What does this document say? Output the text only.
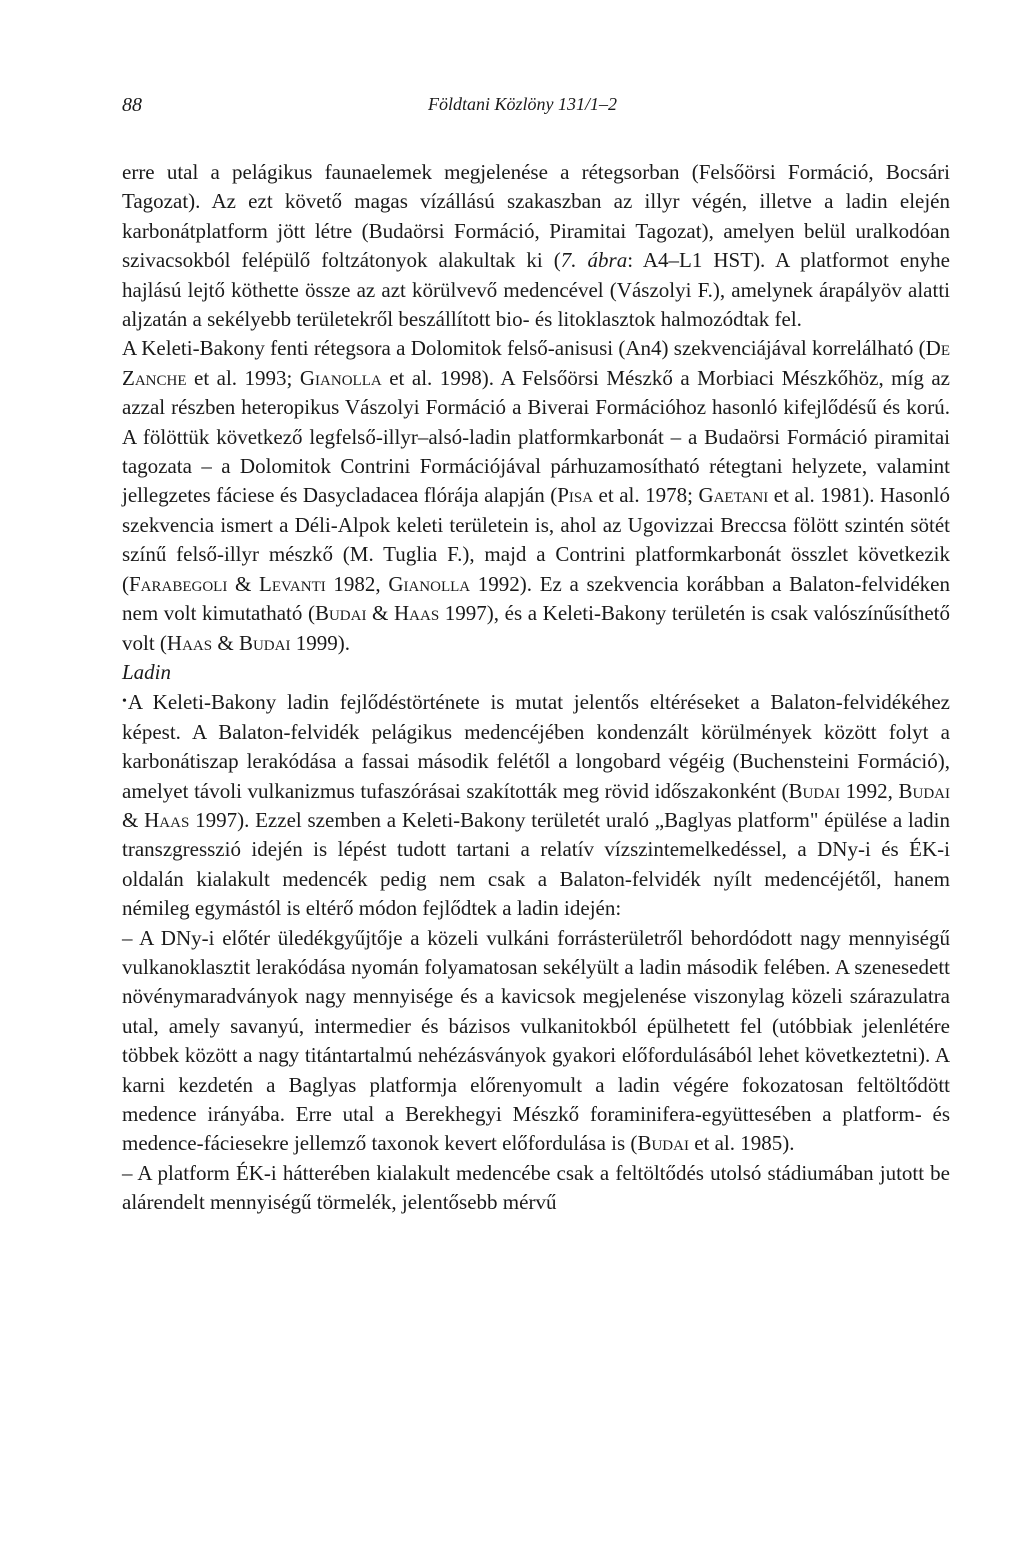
88	Földtani Közlöny 131/1–2

erre utal a pelágikus faunaelemek megjelenése a rétegsorban (Felsőörsi Formáció, Bocsári Tagozat). Az ezt követő magas vízállású szakaszban az illyr végén, illetve a ladin elején karbonátplatform jött létre (Budaörsi Formáció, Piramitai Tagozat), amelyen belül uralkodóan szivacsokból felépülő foltzátonyok alakultak ki (7. ábra: A4–L1 HST). A platformot enyhe hajlású lejtő köthette össze az azt körülvevő medencével (Vászolyi F.), amelynek árapályöv alatti aljzatán a sekélyebb területekről beszállított bio- és litoklasztok halmozódtak fel.

A Keleti-Bakony fenti rétegsora a Dolomitok felső-anisusi (An4) szekvenciájával korrelálható (De Zanche et al. 1993; Gianolla et al. 1998). A Felsőörsi Mészkő a Morbiaci Mészkőhöz, míg az azzal részben heteropikus Vászolyi Formáció a Biverai Formációhoz hasonló kifejlődésű és korú. A fölöttük következő legfelső-illyr–alsó-ladin platformkarbonát – a Budaörsi Formáció piramitai tagozata – a Dolomitok Contrini Formációjával párhuzamosítható rétegtani helyzete, valamint jellegzetes fáciese és Dasycladacea flórája alapján (Pisa et al. 1978; Gaetani et al. 1981). Hasonló szekvencia ismert a Déli-Alpok keleti területein is, ahol az Ugovizzai Breccsa fölött szintén sötét színű felső-illyr mészkő (M. Tuglia F.), majd a Contrini platformkarbonát összlet következik (Farabegoli & Levanti 1982, Gianolla 1992). Ez a szekvencia korábban a Balaton-felvidéken nem volt kimutatható (Budai & Haas 1997), és a Keleti-Bakony területén is csak valószínűsíthető volt (Haas & Budai 1999).

Ladin

•A Keleti-Bakony ladin fejlődéstörténete is mutat jelentős eltéréseket a Balaton-felvidékéhez képest. A Balaton-felvidék pelágikus medencéjében kondenzált körülmények között folyt a karbonátiszap lerakódása a fassai második felétől a longobard végéig (Buchensteini Formáció), amelyet távoli vulkanizmus tufaszórásai szakították meg rövid időszakonként (Budai 1992, Budai & Haas 1997). Ezzel szemben a Keleti-Bakony területét uraló „Baglyas platform" épülése a ladin transzgresszió idején is lépést tudott tartani a relatív vízszintemelkedéssel, a DNy-i és ÉK-i oldalán kialakult medencék pedig nem csak a Balaton-felvidék nyílt medencéjétől, hanem némileg egymástól is eltérő módon fejlődtek a ladin idején:

– A DNy-i előtér üledékgyűjtője a közeli vulkáni forrásterületről behordódott nagy mennyiségű vulkanoklasztit lerakódása nyomán folyamatosan sekélyült a ladin második felében. A szenesedett növénymaradványok nagy mennyisége és a kavicsok megjelenése viszonylag közeli szárazulatra utal, amely savanyú, intermedier és bázisos vulkanitokból épülhetett fel (utóbbiak jelenlétére többek között a nagy titántartalmú nehézásványok gyakori előfordulásából lehet következtetni). A karni kezdetén a Baglyas platformja előrenyomult a ladin végére fokozatosan feltöltődött medence irányába. Erre utal a Berekhegyi Mészkő foraminifera-együttesében a platform- és medence-fáciesekre jellemző taxonok kevert előfordulása is (Budai et al. 1985).

– A platform ÉK-i hátterében kialakult medencébe csak a feltöltődés utolsó stádiumában jutott be alárendelt mennyiségű törmelék, jelentősebb mérvű
